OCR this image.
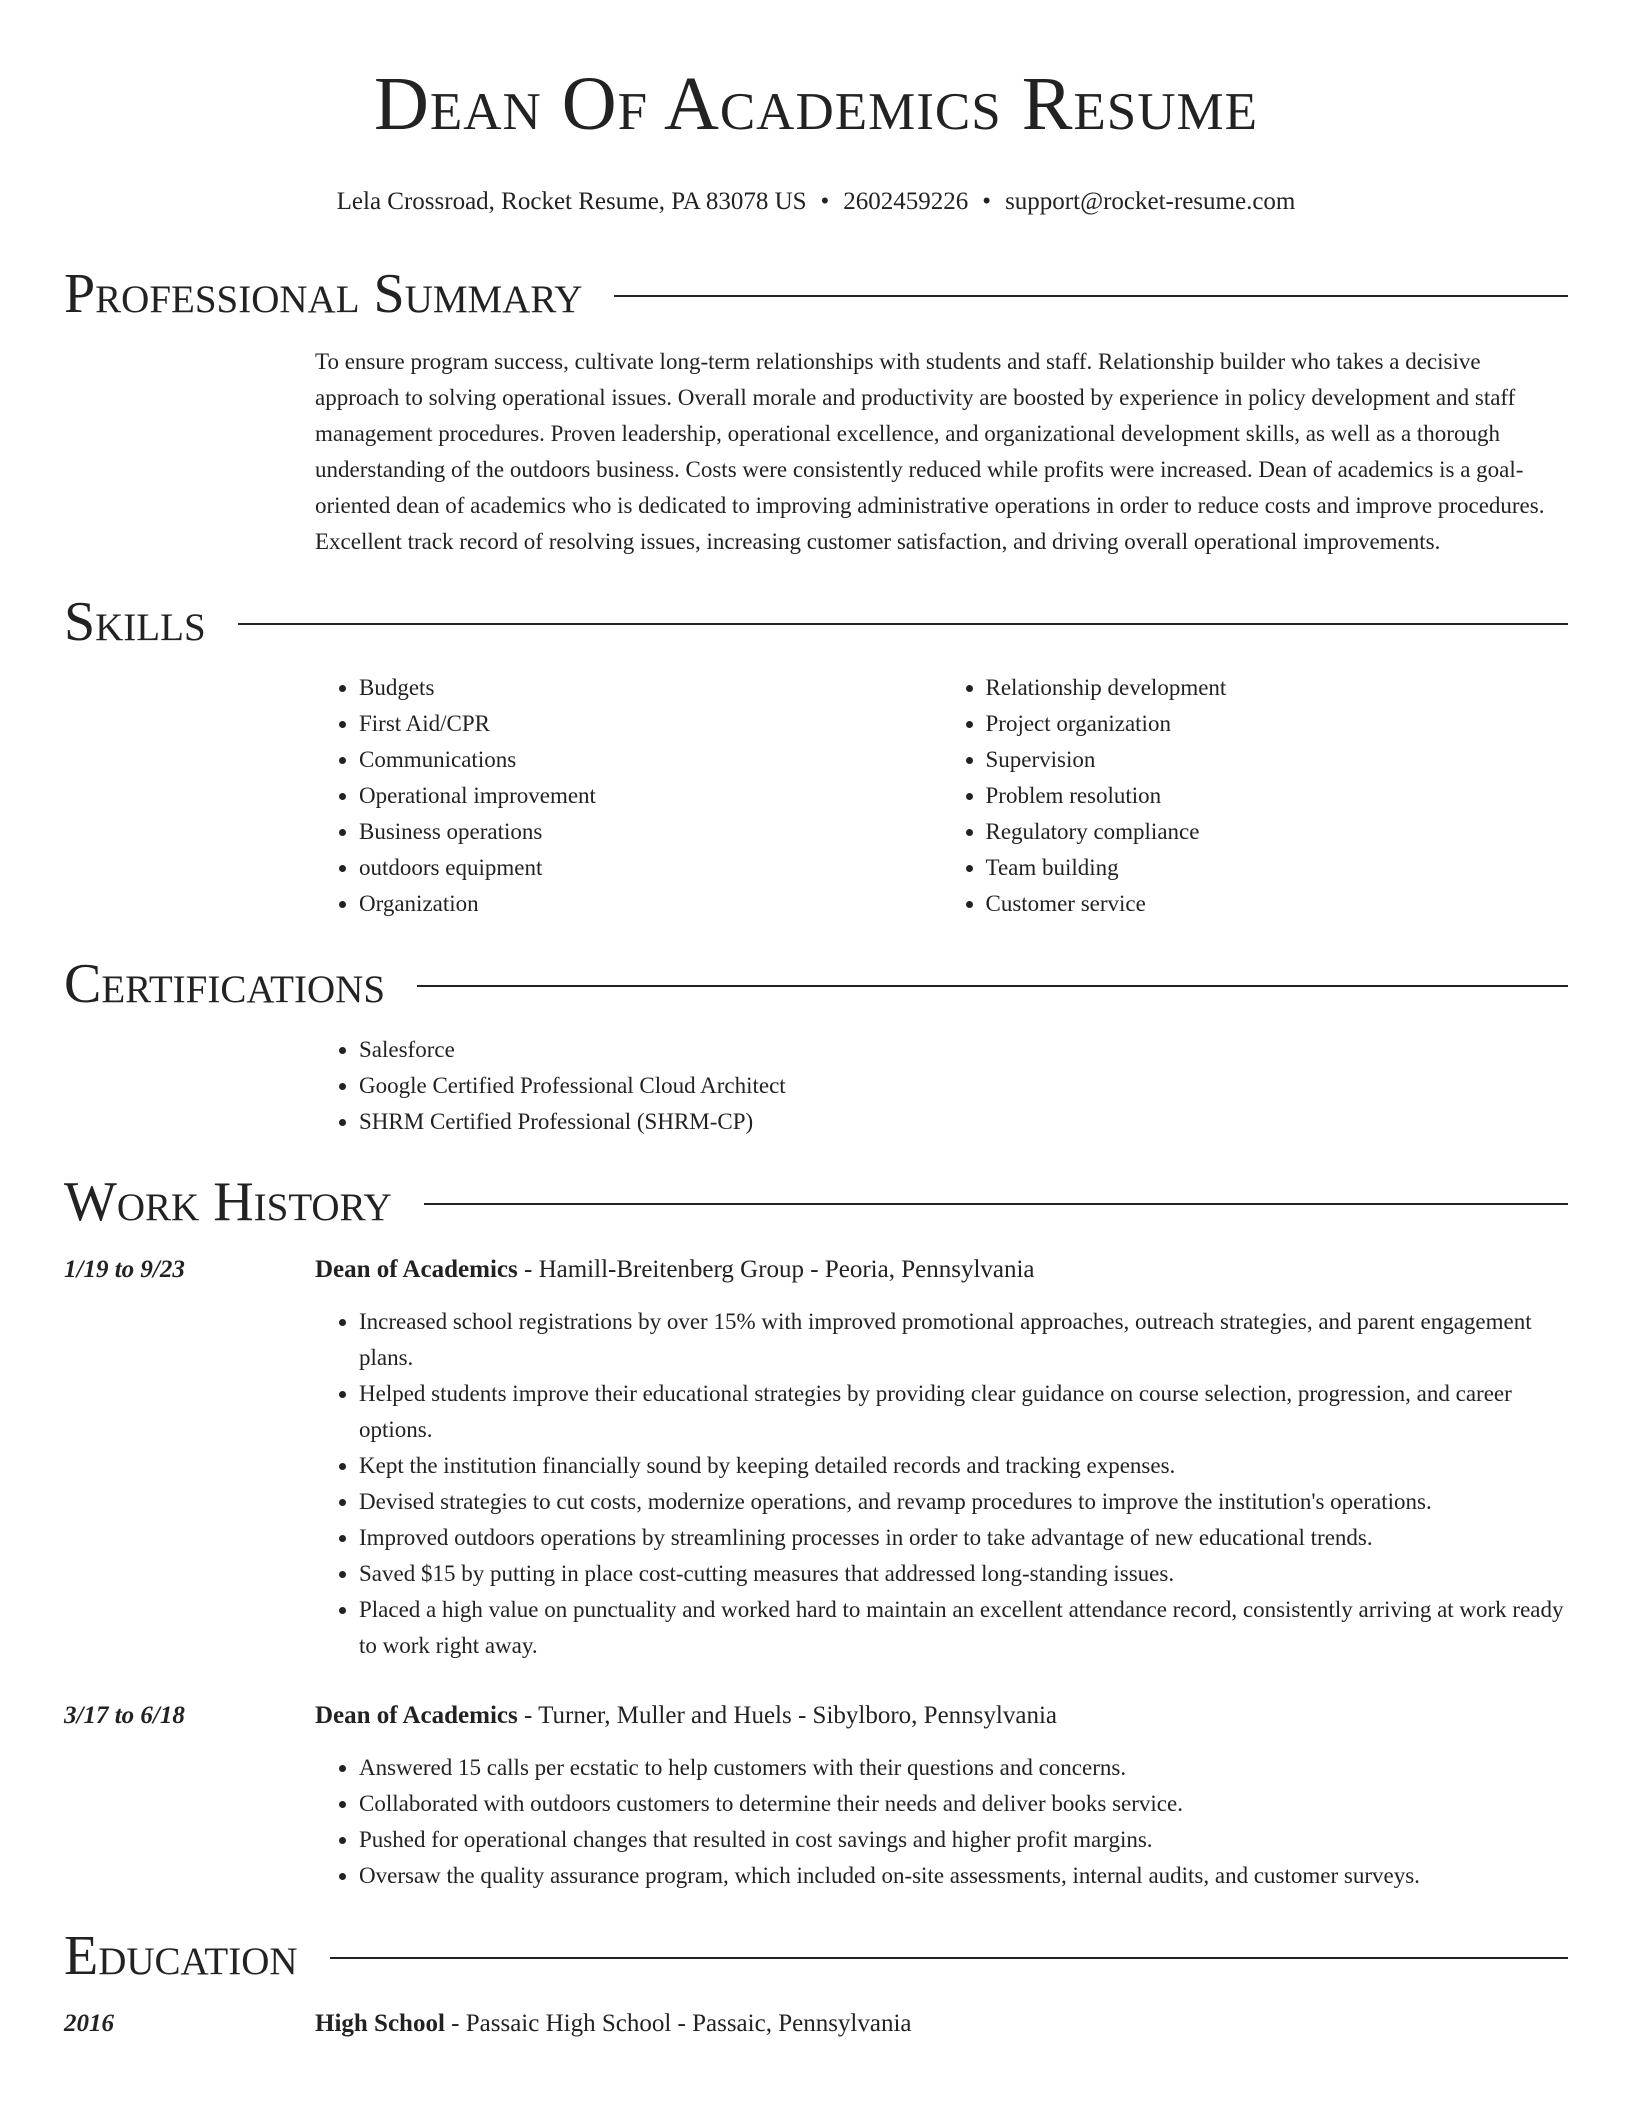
Dean Of Academics Resume
Lela Crossroad, Rocket Resume, PA 83078 US • 2602459226 • support@rocket-resume.com
Professional Summary
To ensure program success, cultivate long-term relationships with students and staff. Relationship builder who takes a decisive approach to solving operational issues. Overall morale and productivity are boosted by experience in policy development and staff management procedures. Proven leadership, operational excellence, and organizational development skills, as well as a thorough understanding of the outdoors business. Costs were consistently reduced while profits were increased. Dean of academics is a goal-oriented dean of academics who is dedicated to improving administrative operations in order to reduce costs and improve procedures. Excellent track record of resolving issues, increasing customer satisfaction, and driving overall operational improvements.
Skills
• Budgets
• First Aid/CPR
• Communications
• Operational improvement
• Business operations
• outdoors equipment
• Organization
• Relationship development
• Project organization
• Supervision
• Problem resolution
• Regulatory compliance
• Team building
• Customer service
Certifications
• Salesforce
• Google Certified Professional Cloud Architect
• SHRM Certified Professional (SHRM-CP)
Work History
1/19 to 9/23	Dean of Academics - Hamill-Breitenberg Group - Peoria, Pennsylvania
• Increased school registrations by over 15% with improved promotional approaches, outreach strategies, and parent engagement plans.
• Helped students improve their educational strategies by providing clear guidance on course selection, progression, and career options.
• Kept the institution financially sound by keeping detailed records and tracking expenses.
• Devised strategies to cut costs, modernize operations, and revamp procedures to improve the institution's operations.
• Improved outdoors operations by streamlining processes in order to take advantage of new educational trends.
• Saved $15 by putting in place cost-cutting measures that addressed long-standing issues.
• Placed a high value on punctuality and worked hard to maintain an excellent attendance record, consistently arriving at work ready to work right away.
3/17 to 6/18	Dean of Academics - Turner, Muller and Huels - Sibylboro, Pennsylvania
• Answered 15 calls per ecstatic to help customers with their questions and concerns.
• Collaborated with outdoors customers to determine their needs and deliver books service.
• Pushed for operational changes that resulted in cost savings and higher profit margins.
• Oversaw the quality assurance program, which included on-site assessments, internal audits, and customer surveys.
Education
2016	High School - Passaic High School - Passaic, Pennsylvania
